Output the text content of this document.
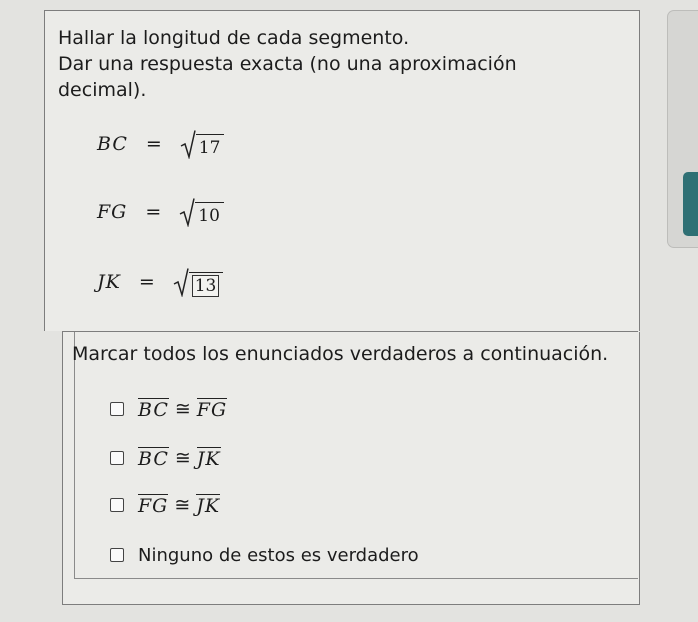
Hallar la longitud de cada segmento.
Dar una respuesta exacta (no una aproximación
decimal).
BC = 17
FG = 10
JK =	13
Marcar todos los enunciados verdaderos a continuación.
BC ≅ FG
BC ≅ JK
FG ≅ JK
Ninguno de estos es verdadero
